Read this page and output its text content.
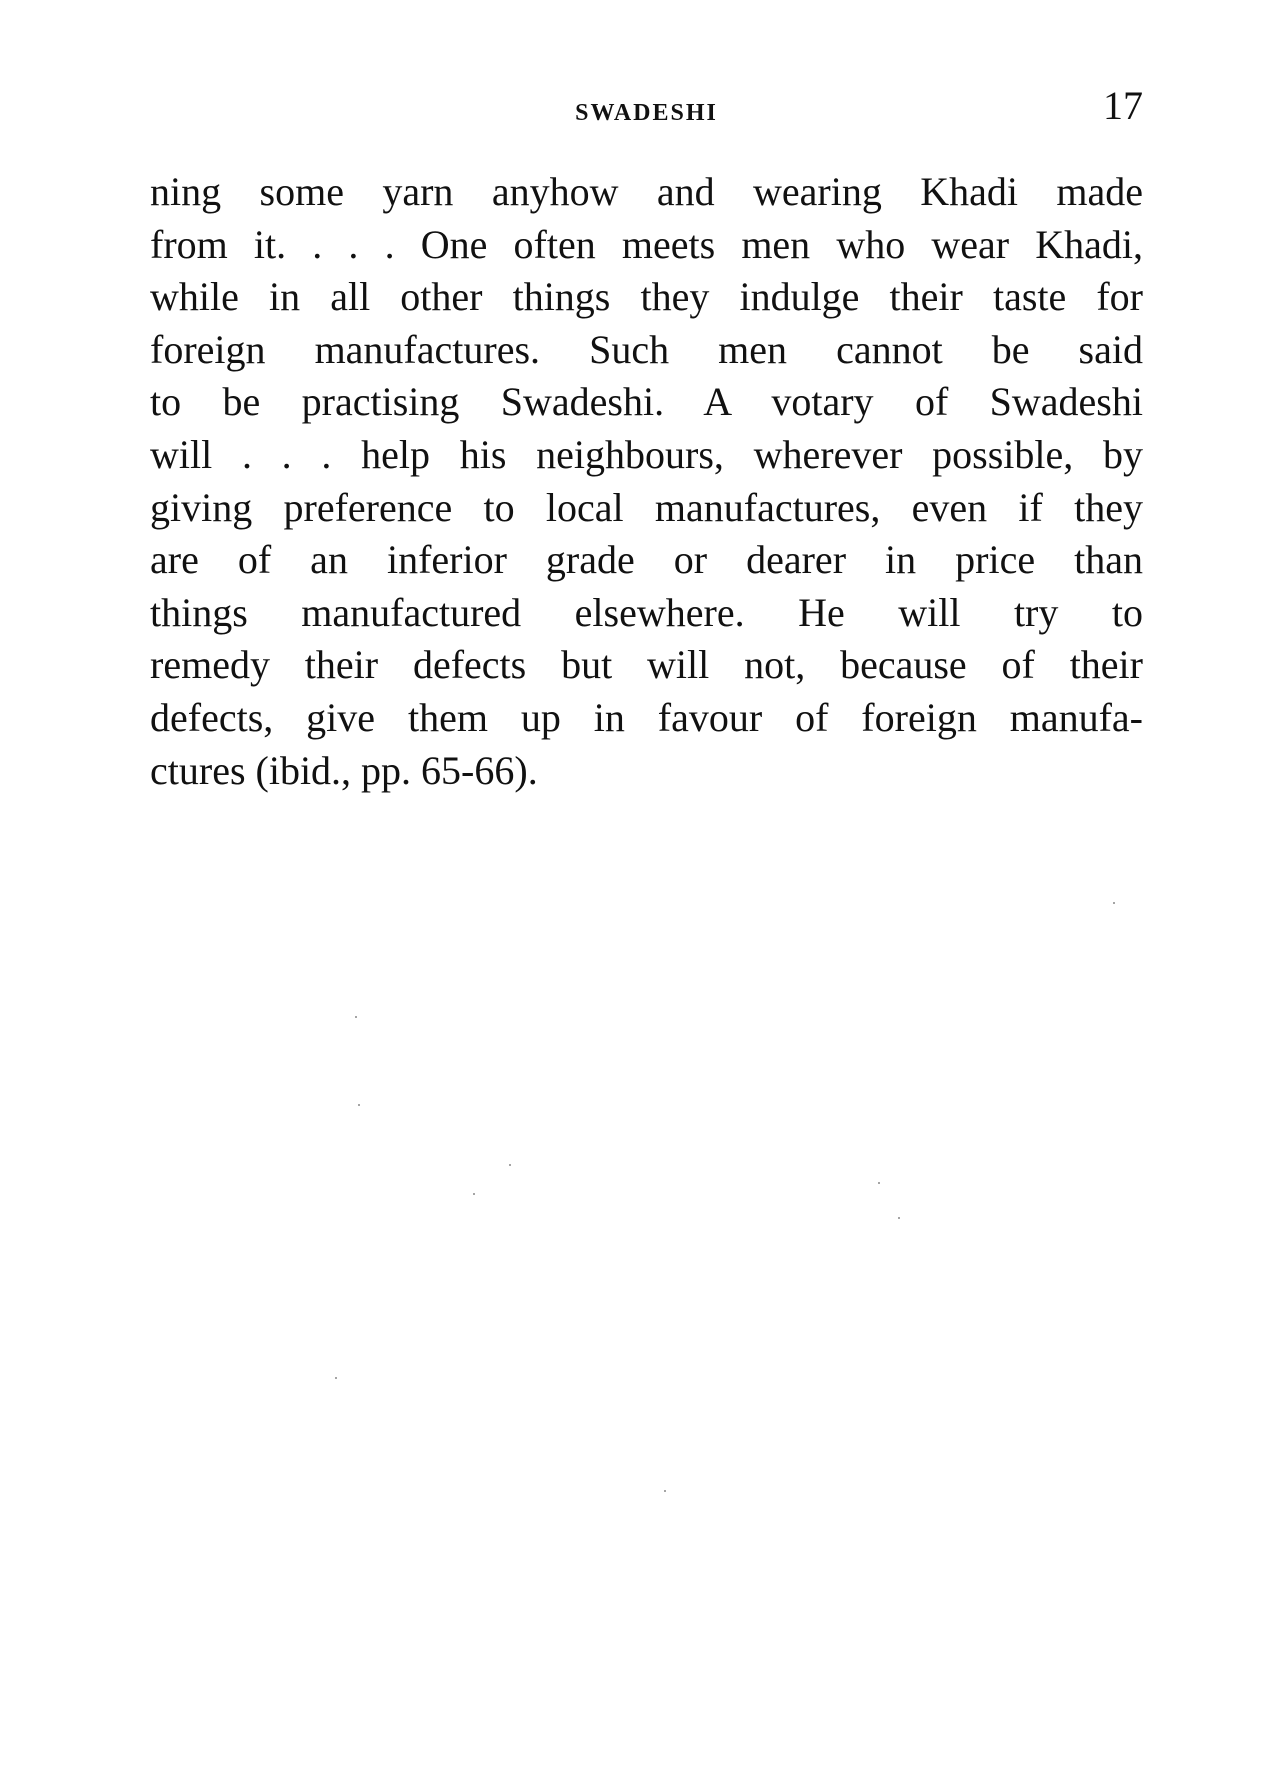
SWADESHI	17
ning some yarn anyhow and wearing Khadi made
from it. . . . One often meets men who wear Khadi,
while in all other things they indulge their taste for
foreign manufactures. Such men cannot be said
to be practising Swadeshi. A votary of Swadeshi
will . . . help his neighbours, wherever possible, by
giving preference to local manufactures, even if they
are of an inferior grade or dearer in price than
things manufactured elsewhere. He will try to
remedy their defects but will not, because of their
defects, give them up in favour of foreign manufa-
ctures (ibid., pp. 65-66).
